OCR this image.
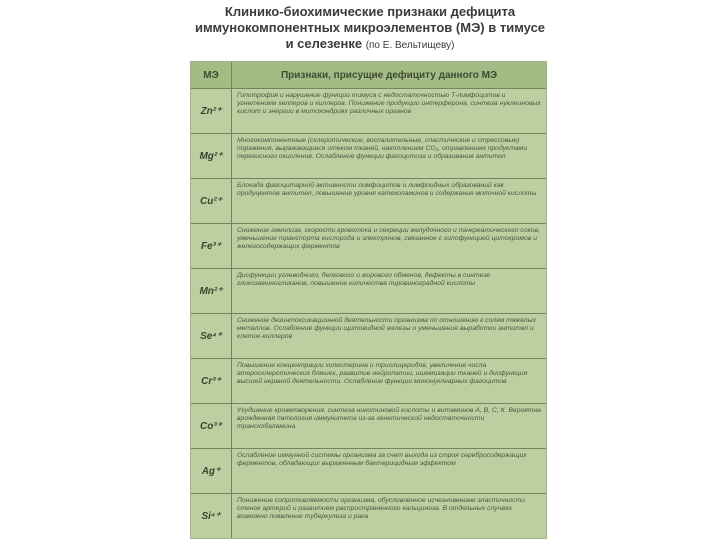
Клинико-биохимические признаки дефицита
иммунокомпонентных микроэлементов (МЭ) в тимусе
и селезенке (по Е. Вельтищеву)
МЭ	Признаки, присущие дефициту данного МЭ
Zn²⁺
Гипотрофия и нарушение функции тимуса с недостаточностью Т-лимфоцитов и угнетением хелперов и киллеров. Понижение продукции интерферона, синтеза нуклеиновых кислот и энергии в митохондриях различных органов
Mg²⁺
Многокомпонентные (склеротические, воспалительные, спастические и стрессовые) поражения, выражающиеся отеком тканей, накоплением CO₂, отравлением продуктами перекисного окисления. Ослабление функции фагоцитоза и образования антител
Cu²⁺
Блокада фагоцитарной активности лимфоцитов и лимфоидных образований как продуцентов антител, повышение уровня катехоламинов и содержания молочной кислоты
Fe³⁺
Снижение гемолиза, скорости кровотока и секреции желудочного и панкреатического соков, уменьшение транспорта кислорода и электронов, связанное с гипофункцией цитохромов и железосодержащих ферментов
Mn²⁺
Дисфункции углеводного, белкового и жирового обменов, дефекты в синтезе гликозаминогликанов, повышение количества пировиноградной кислоты
Se⁴⁺
Снижение дезинтоксикационной деятельности организма по отношению к солям тяжелых металлов. Ослабление функции щитовидной железы и уменьшение выработки антител и клеток-киллеров
Cr³⁺
Повышение концентрации холестерина и триглицеридов, увеличение числа атеросклеротических бляшек, развитие нейропатии, ишемизации тканей и дисфункция высшей нервной деятельности. Ослабление функции мононуклеарных фагоцитов
Co³⁺
Ухудшение кроветворения, синтеза никотиновой кислоты и витаминов А, В, С, К. Вероятна врожденная патология иммунитета из-за генетической недостаточности транскобаламина
Ag⁺
Ослабление иммунной системы организма за счет выхода из строя серебросодержащих ферментов, обладающих выраженным бактерицидным эффектом
Si⁴⁺
Понижение сопротивляемости организма, обусловленное исчезновением эластичности стенок артерий и развитием распространенного кальциноза. В отдельных случаях возможно появление туберкулеза и рака
